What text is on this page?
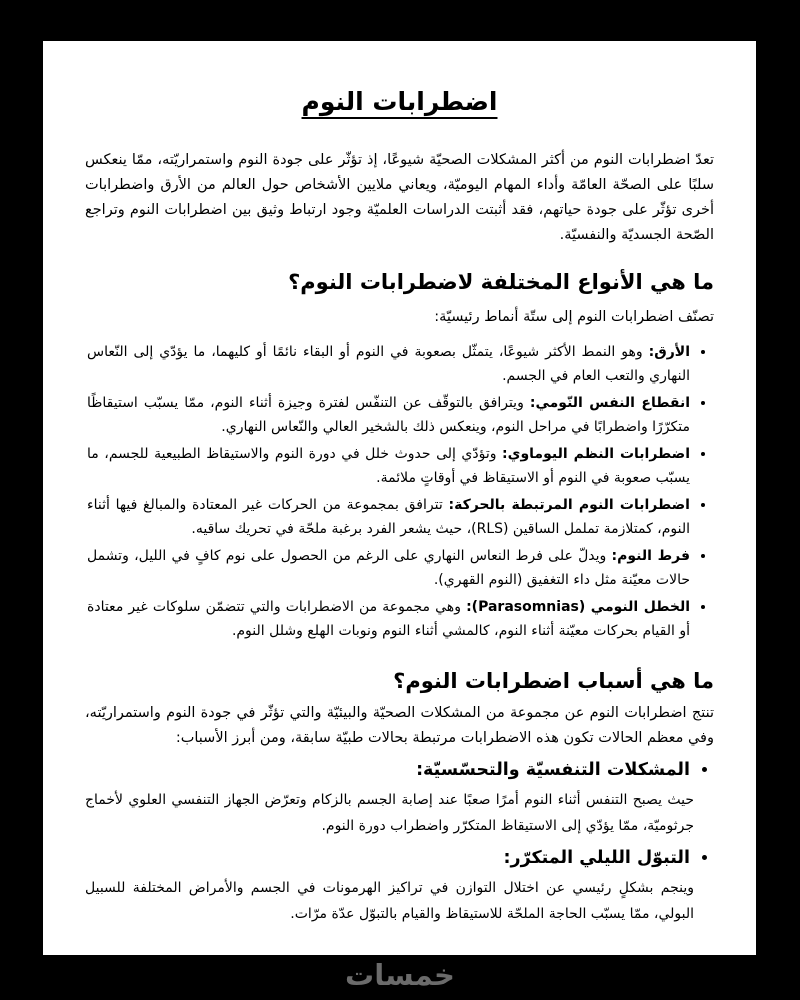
اضطرابات النوم

تعدّ اضطرابات النوم من أكثر المشكلات الصحيّة شيوعًا، إذ تؤثّر على جودة النوم واستمراريّته، ممّا ينعكس سلبًا على الصحّة العامّة وأداء المهام اليوميّة، ويعاني ملايين الأشخاص حول العالم من الأرق واضطرابات أخرى تؤثّر على جودة حياتهم، فقد أثبتت الدراسات العلميّة وجود ارتباط وثيق بين اضطرابات النوم وتراجع الصّحة الجسديّة والنفسيّة.

ما هي الأنواع المختلفة لاضطرابات النوم؟

تصنّف اضطرابات النوم إلى ستّة أنماط رئيسيّة:

• الأرق: وهو النمط الأكثر شيوعًا، يتمثّل بصعوبة في النوم أو البقاء نائمًا أو كليهما، ما يؤدّي إلى النّعاس النهاري والتعب العام في الجسم.
• انقطاع النفس النّومي: ويترافق بالتوقّف عن التنفّس لفترة وجيزة أثناء النوم، ممّا يسبّب استيقاظًا متكرّرًا واضطرابًا في مراحل النوم، وينعكس ذلك بالشخير العالي والنّعاس النهاري.
• اضطرابات النظم اليوماوي: وتؤدّي إلى حدوث خلل في دورة النوم والاستيقاظ الطبيعية للجسم، ما يسبّب صعوبة في النوم أو الاستيقاظ في أوقاتٍ ملائمة.
• اضطرابات النوم المرتبطة بالحركة: تترافق بمجموعة من الحركات غير المعتادة والمبالغ فيها أثناء النوم، كمتلازمة تململ الساقين (RLS)، حيث يشعر الفرد برغبة ملحّة في تحريك ساقيه.
• فرط النوم: ويدلّ على فرط النعاس النهاري على الرغم من الحصول على نوم كافٍ في الليل، وتشمل حالات معيّنة مثل داء التغفيق (النوم القهري).
• الخطل النومي (Parasomnias): وهي مجموعة من الاضطرابات والتي تتضمّن سلوكات غير معتادة أو القيام بحركات معيّنة أثناء النوم، كالمشي أثناء النوم ونوبات الهلع وشلل النوم.
ما هي أسباب اضطرابات النوم؟

تنتج اضطرابات النوم عن مجموعة من المشكلات الصحيّة والبيئيّة والتي تؤثّر في جودة النوم واستمراريّته، وفي معظم الحالات تكون هذه الاضطرابات مرتبطة بحالات طبيّة سابقة، ومن أبرز الأسباب:

• المشكلات التنفسيّة والتحسّسيّة:
حيث يصبح التنفس أثناء النوم أمرًا صعبًا عند إصابة الجسم بالزكام وتعرّض الجهاز التنفسي العلوي لأخماج جرثوميّة، ممّا يؤدّي إلى الاستيقاظ المتكرّر واضطراب دورة النوم.
• التبوّل الليلي المتكرّر:
وينجم بشكلٍ رئيسي عن اختلال التوازن في تراكيز الهرمونات في الجسم والأمراض المختلفة للسبيل البولي، ممّا يسبّب الحاجة الملحّة للاستيقاظ والقيام بالتبوّل عدّة مرّات.
خمسات
